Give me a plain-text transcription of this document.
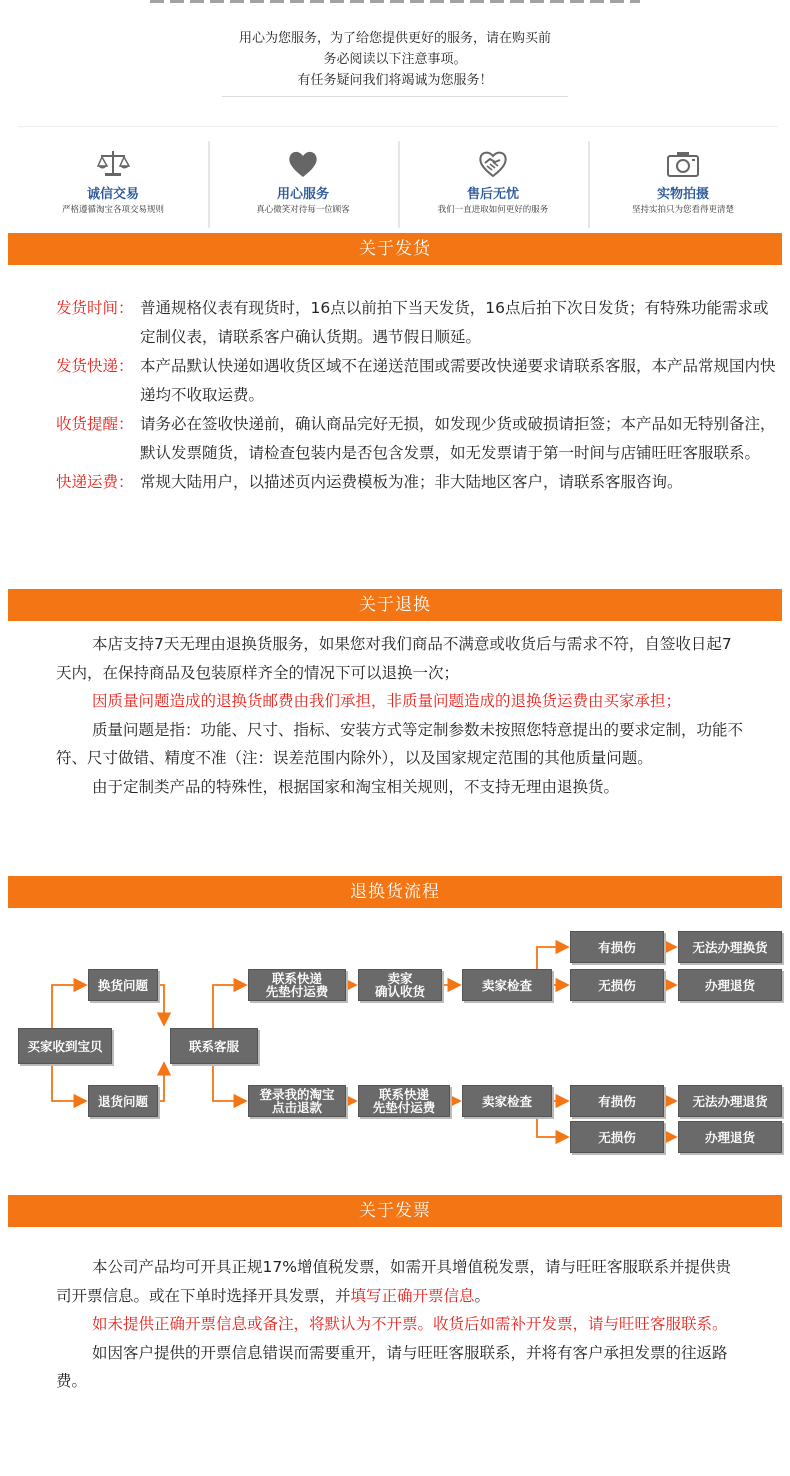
用心为您服务，为了给您提供更好的服务，请在购买前
务必阅读以下注意事项。
有任务疑问我们将竭诚为您服务！
诚信交易
严格遵循淘宝各项交易规则
用心服务
真心微笑对待每一位顾客
售后无忧
我们一直进取如何更好的服务
实物拍摄
坚持实拍只为您看得更清楚
关于发货
发货时间： 普通规格仪表有现货时，16点以前拍下当天发货，16点后拍下次日发货；有特殊功能需求或定制仪表，请联系客户确认货期。遇节假日顺延。
发货快递： 本产品默认快递如遇收货区域不在递送范围或需要改快递要求请联系客服，本产品常规国内快递均不收取运费。
收货提醒： 请务必在签收快递前，确认商品完好无损，如发现少货或破损请拒签；本产品如无特别备注，默认发票随货，请检查包装内是否包含发票，如无发票请于第一时间与店铺旺旺客服联系。
快递运费： 常规大陆用户，以描述页内运费模板为准；非大陆地区客户，请联系客服咨询。
关于退换

本店支持7天无理由退换货服务，如果您对我们商品不满意或收货后与需求不符，自签收日起7天内，在保持商品及包装原样齐全的情况下可以退换一次；

因质量问题造成的退换货邮费由我们承担，非质量问题造成的退换货运费由买家承担；

质量问题是指：功能、尺寸、指标、安装方式等定制参数未按照您特意提出的要求定制，功能不符、尺寸做错、精度不准（注：误差范围内除外），以及国家规定范围的其他质量问题。

由于定制类产品的特殊性，根据国家和淘宝相关规则，不支持无理由退换货。

退换货流程
买家收到宝贝
换货问题
联系客服
退货问题
联系快递
先垫付运费
卖家
确认收货	卖家检查
有损伤
无损伤
无法办理换货
办理退货
登录我的淘宝
点击退款
联系快递
先垫付运费	卖家检查	有损伤
无损伤
无法办理退货
办理退货
关于发票

本公司产品均可开具正规17%增值税发票，如需开具增值税发票，请与旺旺客服联系并提供贵司开票信息。或在下单时选择开具发票，并填写正确开票信息。

如未提供正确开票信息或备注，将默认为不开票。收货后如需补开发票，请与旺旺客服联系。

如因客户提供的开票信息错误而需要重开，请与旺旺客服联系，并将有客户承担发票的往返路费。
